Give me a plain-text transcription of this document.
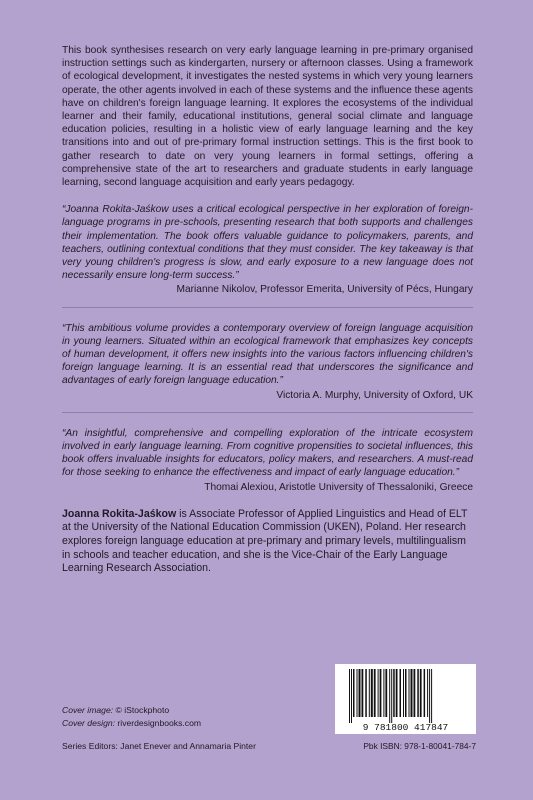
This book synthesises research on very early language learning in pre-primary organised instruction settings such as kindergarten, nursery or afternoon classes. Using a framework of ecological development, it investigates the nested systems in which very young learners operate, the other agents involved in each of these systems and the influence these agents have on children's foreign language learning. It explores the ecosystems of the individual learner and their family, educational institutions, general social climate and language education policies, resulting in a holistic view of early language learning and the key transitions into and out of pre-primary formal instruction settings. This is the first book to gather research to date on very young learners in formal settings, offering a comprehensive state of the art to researchers and graduate students in early language learning, second language acquisition and early years pedagogy.

“Joanna Rokita-Jaśkow uses a critical ecological perspective in her exploration of foreign-language programs in pre-schools, presenting research that both supports and challenges their implementation. The book offers valuable guidance to policymakers, parents, and teachers, outlining contextual conditions that they must consider. The key takeaway is that very young children's progress is slow, and early exposure to a new language does not necessarily ensure long-term success.”

Marianne Nikolov, Professor Emerita, University of Pécs, Hungary

“This ambitious volume provides a contemporary overview of foreign language acquisition in young learners. Situated within an ecological framework that emphasizes key concepts of human development, it offers new insights into the various factors influencing children's foreign language learning. It is an essential read that underscores the significance and advantages of early foreign language education.”

Victoria A. Murphy, University of Oxford, UK

“An insightful, comprehensive and compelling exploration of the intricate ecosystem involved in early language learning. From cognitive propensities to societal influences, this book offers invaluable insights for educators, policy makers, and researchers. A must-read for those seeking to enhance the effectiveness and impact of early language education.”

Thomai Alexiou, Aristotle University of Thessaloniki, Greece

Joanna Rokita-Jaśkow is Associate Professor of Applied Linguistics and Head of ELT at the University of the National Education Commission (UKEN), Poland. Her research explores foreign language education at pre-primary and primary levels, multilingualism in schools and teacher education, and she is the Vice-Chair of the Early Language Learning Research Association.

Cover image: © iStockphoto
Cover design: riverdesignbooks.com
Series Editors: Janet Enever and Annamaria Pinter
9 781800 417847
Pbk ISBN: 978-1-80041-784-7
